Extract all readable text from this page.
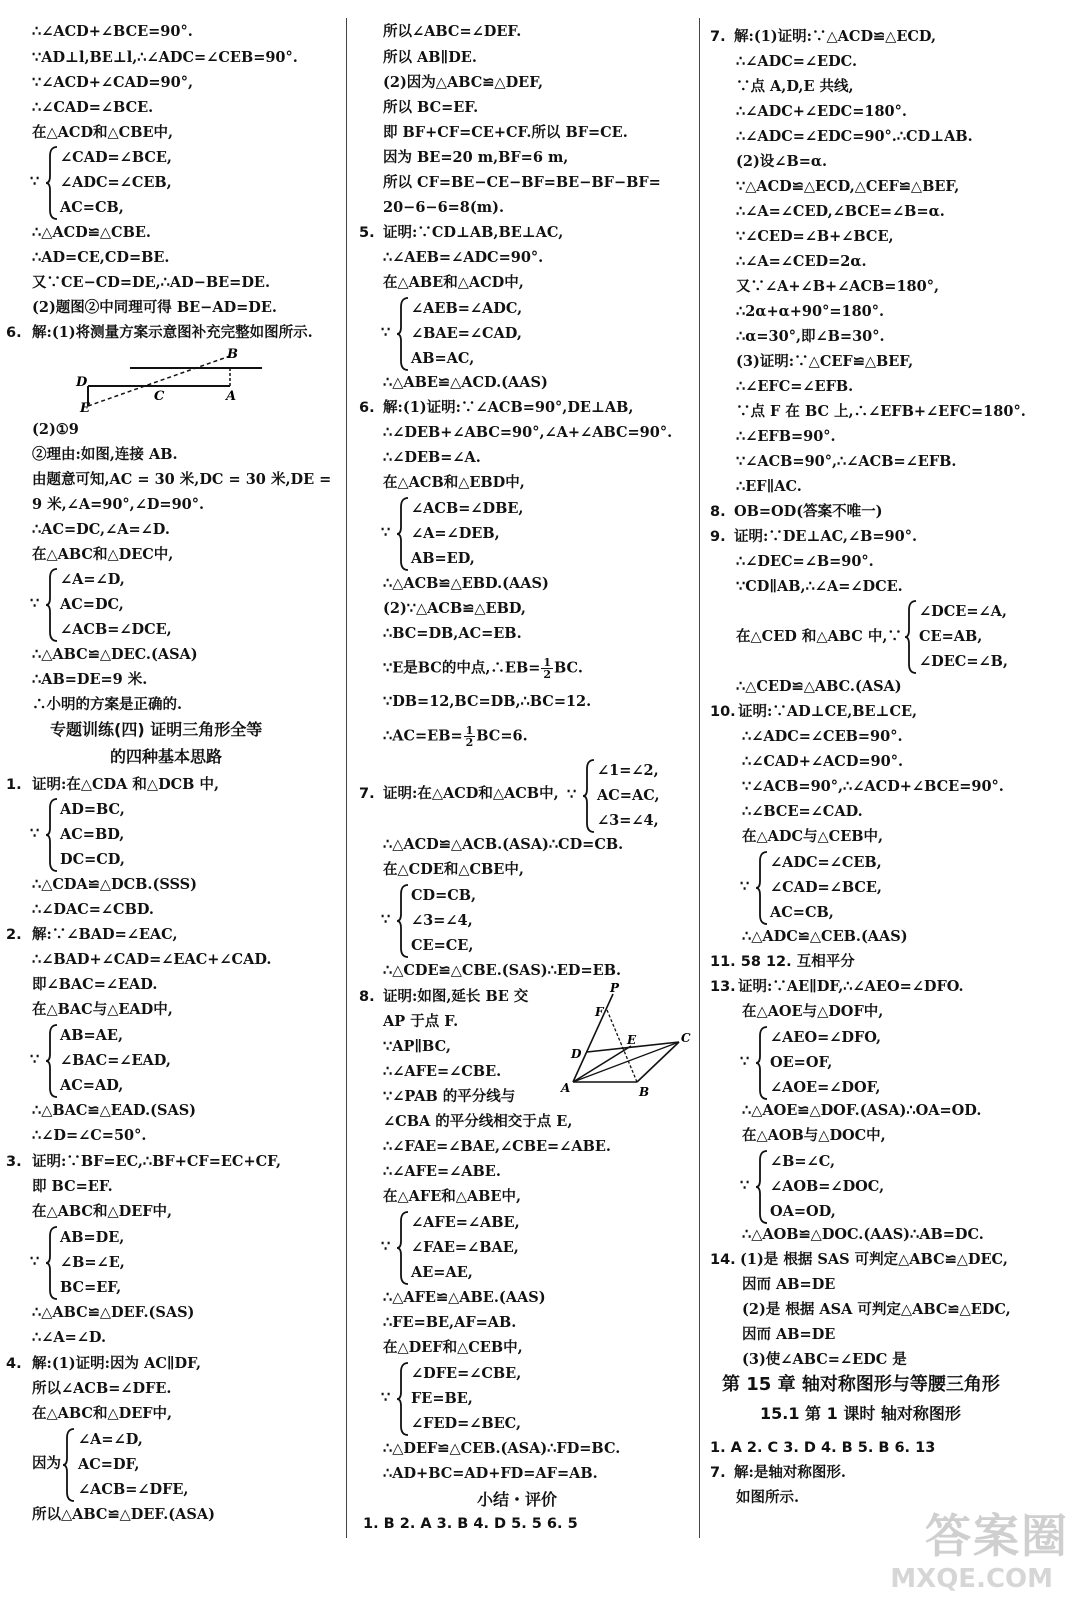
∴∠ACD+∠BCE=90°.
∵AD⊥l,BE⊥l,∴∠ADC=∠CEB=90°.
∵∠ACD+∠CAD=90°,
∴∠CAD=∠BCE.
在△ACD和△CBE中,
∵
∠CAD=∠BCE,
∠ADC=∠CEB,
AC=CB,
∴△ACD≌△CBE.
∴AD=CE,CD=BE.
又∵CE−CD=DE,∴AD−BE=DE.
(2)题图②中同理可得 BE−AD=DE.
6. 解:(1)将测量方案示意图补充完整如图所示.
B
D
C	A
E
(2)①9
②理由:如图,连接 AB.
由题意可知,AC = 30 米,DC = 30 米,DE =
9 米,∠A=90°,∠D=90°.
∴AC=DC,∠A=∠D.
在△ABC和△DEC中,
∵
∠A=∠D,
AC=DC,
∠ACB=∠DCE,
∴△ABC≌△DEC.(ASA)
∴AB=DE=9 米.
∴小明的方案是正确的.
专题训练(四) 证明三角形全等
的四种基本思路
1. 证明:在△CDA 和△DCB 中,
∵
AD=BC,
AC=BD,
DC=CD,
∴△CDA≌△DCB.(SSS)
∴∠DAC=∠CBD.
2. 解:∵∠BAD=∠EAC,
∴∠BAD+∠CAD=∠EAC+∠CAD.
即∠BAC=∠EAD.
在△BAC与△EAD中,
∵
AB=AE,
∠BAC=∠EAD,
AC=AD,
∴△BAC≌△EAD.(SAS)
∴∠D=∠C=50°.
3. 证明:∵BF=EC,∴BF+CF=EC+CF,
即 BC=EF.
在△ABC和△DEF中,
∵
AB=DE,
∠B=∠E,
BC=EF,
∴△ABC≌△DEF.(SAS)
∴∠A=∠D.
4. 解:(1)证明:因为 AC∥DF,
所以∠ACB=∠DFE.
在△ABC和△DEF中,
因为
∠A=∠D,
AC=DF,
∠ACB=∠DFE,
所以△ABC≌△DEF.(ASA)
所以∠ABC=∠DEF.
所以 AB∥DE.
(2)因为△ABC≌△DEF,
所以 BC=EF.
即 BF+CF=CE+CF.所以 BF=CE.
因为 BE=20 m,BF=6 m,
所以 CF=BE−CE−BF=BE−BF−BF=
20−6−6=8(m).
5. 证明:∵CD⊥AB,BE⊥AC,
∴∠AEB=∠ADC=90°.
在△ABE和△ACD中,
∵
∠AEB=∠ADC,
∠BAE=∠CAD,
AB=AC,
∴△ABE≌△ACD.(AAS)
6. 解:(1)证明:∵∠ACB=90°,DE⊥AB,
∴∠DEB+∠ABC=90°,∠A+∠ABC=90°.
∴∠DEB=∠A.
在△ACB和△EBD中,
∵
∠ACB=∠DBE,
∠A=∠DEB,
AB=ED,
∴△ACB≌△EBD.(AAS)
(2)∵△ACB≌△EBD,
∴BC=DB,AC=EB.
∵E是BC的中点,∴EB= $\frac{1}{2}$ BC.
∵DB=12,BC=DB,∴BC=12.
∴AC=EB= $\frac{1}{2} BC=6$.
7. 证明:在△ACD和△ACB中, ∵
∠1=∠2,
AC=AC,
∠3=∠4,
∴△ACD≌△ACB.(ASA)∴CD=CB.
在△CDE和△CBE中,
∵
CD=CB,
∠3=∠4,
CE=CE,
∴△CDE≌△CBE.(SAS)∴ED=EB.
8. 证明:如图,延长 BE 交
AP 于点 F.
∵AP∥BC,
∴∠AFE=∠CBE.
∵∠PAB 的平分线与
∠CBA 的平分线相交于点 E,
P
F
C
D
E
A	B
∴∠FAE=∠BAE,∠CBE=∠ABE.
∴∠AFE=∠ABE.
在△AFE和△ABE中,
∵
∠AFE=∠ABE,
∠FAE=∠BAE,
AE=AE,
∴△AFE≌△ABE.(AAS)
∴FE=BE,AF=AB.
在△DEF和△CEB中,
∵
∠DFE=∠CBE,
FE=BE,
∠FED=∠BEC,
∴△DEF≌△CEB.(ASA)∴FD=BC.
∴AD+BC=AD+FD=AF=AB.
小结・评价
1. B 2. A 3. B 4. D 5. 5 6. 5
7. 解:(1)证明:∵△ACD≌△ECD,
∴∠ADC=∠EDC.
∵点 A,D,E 共线,
∴∠ADC+∠EDC=180°.
∴∠ADC=∠EDC=90°.∴CD⊥AB.
(2)设∠B=α.
∵△ACD≌△ECD,△CEF≌△BEF,
∴∠A=∠CED,∠BCE=∠B=α.
∵∠CED=∠B+∠BCE,
∴∠A=∠CED=2α.
又∵∠A+∠B+∠ACB=180°,
∴2α+α+90°=180°.
∴α=30°,即∠B=30°.
(3)证明:∵△CEF≌△BEF,
∴∠EFC=∠EFB.
∵点 F 在 BC 上,∴∠EFB+∠EFC=180°.
∴∠EFB=90°.
∵∠ACB=90°,∴∠ACB=∠EFB.
∴EF∥AC.
8. OB=OD(答案不唯一)
9. 证明:∵DE⊥AC,∠B=90°.
∴∠DEC=∠B=90°.
∵CD∥AB,∴∠A=∠DCE.
在△CED 和△ABC 中,∵
∠DCE=∠A,
CE=AB,
∠DEC=∠B,
∴△CED≌△ABC.(ASA)
10. 证明:∵AD⊥CE,BE⊥CE,
∴∠ADC=∠CEB=90°.
∴∠CAD+∠ACD=90°.
∵∠ACB=90°,∴∠ACD+∠BCE=90°.
∴∠BCE=∠CAD.
在△ADC与△CEB中,
∵
∠ADC=∠CEB,
∠CAD=∠BCE,
AC=CB,
∴△ADC≌△CEB.(AAS)
11. 58 12. 互相平分
13. 证明:∵AE∥DF,∴∠AEO=∠DFO.
在△AOE与△DOF中,
∵
∠AEO=∠DFO,
OE=OF,
∠AOE=∠DOF,
∴△AOE≌△DOF.(ASA)∴OA=OD.
在△AOB与△DOC中,
∵
∠B=∠C,
∠AOB=∠DOC,
OA=OD,
∴△AOB≌△DOC.(AAS)∴AB=DC.
14. (1)是 根据 SAS 可判定△ABC≌△DEC,
因而 AB=DE
(2)是 根据 ASA 可判定△ABC≌△EDC,
因而 AB=DE
(3)使∠ABC=∠EDC 是
第 15 章 轴对称图形与等腰三角形
15.1 第 1 课时 轴对称图形
1. A 2. C 3. D 4. B 5. B 6. 13
7. 解:是轴对称图形.
如图所示.
答案圈
MXQE.COM
